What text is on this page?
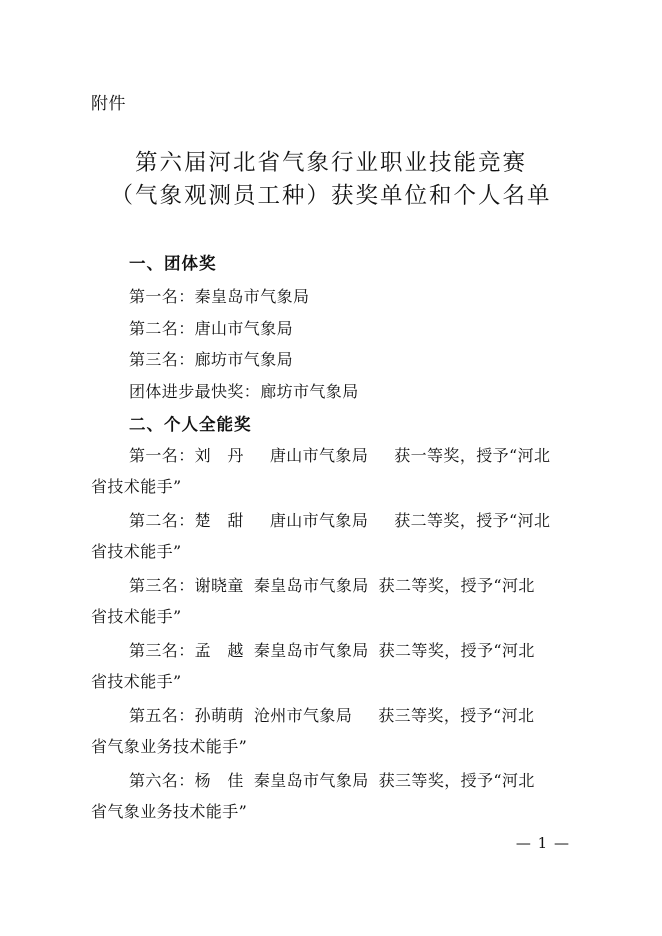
附件
第六届河北省气象行业职业技能竞赛
（气象观测员工种）获奖单位和个人名单
一、团体奖
第一名：秦皇岛市气象局
第二名：唐山市气象局
第三名：廊坊市气象局
团体进步最快奖：廊坊市气象局
二、个人全能奖
第一名：刘　丹 唐山市气象局 获一等奖，授予“河北
省技术能手”
第二名：楚　甜 唐山市气象局 获二等奖，授予“河北
省技术能手”
第三名：谢晓童 秦皇岛市气象局 获二等奖，授予“河北
省技术能手”
第三名：孟　越 秦皇岛市气象局 获二等奖，授予“河北
省技术能手”
第五名：孙萌萌 沧州市气象局 获三等奖，授予“河北
省气象业务技术能手”
第六名：杨　佳 秦皇岛市气象局 获三等奖，授予“河北
省气象业务技术能手”
— 1 —
